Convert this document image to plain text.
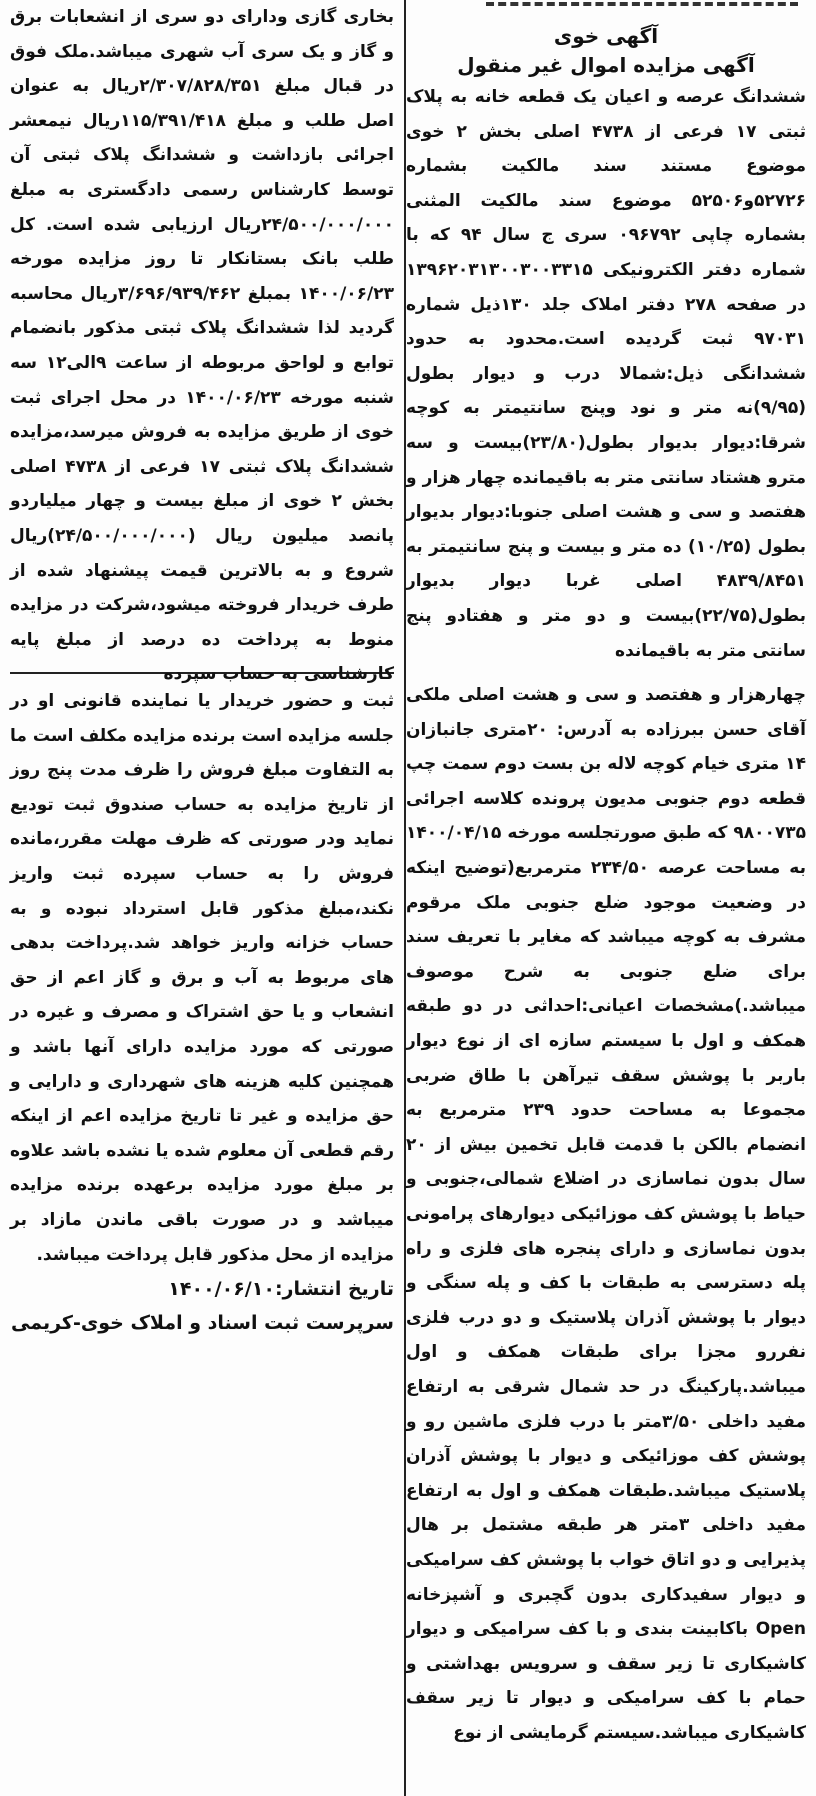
آگهی خوی

آگهی مزایده اموال غیر منقول

ششدانگ عرصه و اعیان یک قطعه خانه به پلاک ثبتی ۱۷ فرعی از ۴۷۳۸ اصلی بخش ۲ خوی موضوع مستند سند مالکیت بشماره ۵۲۷۲۶و۵۲۵۰۶ موضوع سند مالکیت المثنی بشماره چاپی ۰۹۶۷۹۲ سری ج سال ۹۴ که با شماره دفتر الکترونیکی ۱۳۹۶۲۰۳۱۳۰۰۳۰۰۳۳۱۵ در صفحه ۲۷۸ دفتر املاک جلد ۱۳۰ذیل شماره ۹۷۰۳۱ ثبت گردیده است.محدود به حدود ششدانگی ذیل:شمالا درب و دیوار بطول (۹/۹۵)نه متر و نود وپنج سانتیمتر به کوچه شرقا:دیوار بدیوار بطول(۲۳/۸۰)بیست و سه مترو هشتاد سانتی متر به باقیمانده چهار هزار و هفتصد و سی و هشت اصلی جنوبا:دیوار بدیوار بطول (۱۰/۲۵) ده متر و بیست و پنج سانتیمتر به ۴۸۳۹/۸۴۵۱ اصلی غربا دیوار بدیوار بطول(۲۲/۷۵)بیست و دو متر و هفتادو پنج سانتی متر به باقیمانده

چهارهزار و هفتصد و سی و هشت اصلی ملکی آقای حسن ببرزاده به آدرس: ۲۰متری جانبازان ۱۴ متری خیام کوچه لاله بن بست دوم سمت چپ قطعه دوم جنوبی مدیون پرونده کلاسه اجرائی ۹۸۰۰۷۳۵ که طبق صورتجلسه مورخه ۱۴۰۰/۰۴/۱۵ به مساحت عرصه ۲۳۴/۵۰ مترمربع(توضیح اینکه در وضعیت موجود ضلع جنوبی ملک مرقوم مشرف به کوچه میباشد که مغایر با تعریف سند برای ضلع جنوبی به شرح موصوف میباشد.)مشخصات اعیانی:احداثی در دو طبقه همکف و اول با سیستم سازه ای از نوع دیوار باربر با پوشش سقف تیرآهن با طاق ضربی مجموعا به مساحت حدود ۲۳۹ مترمربع به انضمام بالکن با قدمت قابل تخمین بیش از ۲۰ سال بدون نماسازی در اضلاع شمالی،جنوبی و حیاط با پوشش کف موزائیکی دیوارهای پرامونی بدون نماسازی و دارای پنجره های فلزی و راه پله دسترسی به طبقات با کف و پله سنگی و دیوار با پوشش آذران پلاستیک و دو درب فلزی نفررو مجزا برای طبقات همکف و اول میباشد.پارکینگ در حد شمال شرقی به ارتفاع مفید داخلی ۳/۵۰متر با درب فلزی ماشین رو و پوشش کف موزائیکی و دیوار با پوشش آذران پلاستیک میباشد.طبقات همکف و اول به ارتفاع مفید داخلی ۳متر هر طبقه مشتمل بر هال پذیرایی و دو اتاق خواب با پوشش کف سرامیکی و دیوار سفیدکاری بدون گچبری و آشپزخانه Open باکابینت بندی و با کف سرامیکی و دیوار کاشیکاری تا زیر سقف و سرویس بهداشتی و حمام با کف سرامیکی و دیوار تا زیر سقف کاشیکاری میباشد.سیستم گرمایشی از نوع

بخاری گازی ودارای دو سری از انشعابات برق و گاز و یک سری آب شهری میباشد.ملک فوق در قبال مبلغ ۲/۳۰۷/۸۲۸/۳۵۱ریال به عنوان اصل طلب و مبلغ ۱۱۵/۳۹۱/۴۱۸ریال نیمعشر اجرائی بازداشت و ششدانگ پلاک ثبتی آن توسط کارشناس رسمی دادگستری به مبلغ ۲۴/۵۰۰/۰۰۰/۰۰۰ریال ارزیابی شده است. کل طلب بانک بستانکار تا روز مزایده مورخه ۱۴۰۰/۰۶/۲۳ بمبلغ ۳/۶۹۶/۹۳۹/۴۶۲ریال محاسبه گردید لذا ششدانگ پلاک ثبتی مذکور بانضمام توابع و لواحق مربوطه از ساعت ۹الی۱۲ سه شنبه مورخه ۱۴۰۰/۰۶/۲۳ در محل اجرای ثبت خوی از طریق مزایده به فروش میرسد،مزایده ششدانگ پلاک ثبتی ۱۷ فرعی از ۴۷۳۸ اصلی بخش ۲ خوی از مبلغ بیست و چهار میلیاردو پانصد میلیون ریال (۲۴/۵۰۰/۰۰۰/۰۰۰)ریال شروع و به بالاترین قیمت پیشنهاد شده از طرف خریدار فروخته میشود،شرکت در مزایده منوط به پرداخت ده درصد از مبلغ پایه کارشناسی به حساب سپرده

ثبت و حضور خریدار یا نماینده قانونی او در جلسه مزایده است برنده مزایده مکلف است ما به التفاوت مبلغ فروش را ظرف مدت پنج روز از تاریخ مزایده به حساب صندوق ثبت تودیع نماید ودر صورتی که ظرف مهلت مقرر،مانده فروش را به حساب سپرده ثبت واریز نکند،مبلغ مذکور قابل استرداد نبوده و به حساب خزانه واریز خواهد شد.پرداخت بدهی های مربوط به آب و برق و گاز اعم از حق انشعاب و یا حق اشتراک و مصرف و غیره در صورتی که مورد مزایده دارای آنها باشد و همچنین کلیه هزینه های شهرداری و دارایی و حق مزایده و غیر تا تاریخ مزایده اعم از اینکه رقم قطعی آن معلوم شده یا نشده باشد علاوه بر مبلغ مورد مزایده برعهده برنده مزایده میباشد و در صورت باقی ماندن مازاد بر مزایده از محل مذکور قابل پرداخت میباشد.

تاریخ انتشار:۱۴۰۰/۰۶/۱۰

سرپرست ثبت اسناد و املاک خوی-کریمی
